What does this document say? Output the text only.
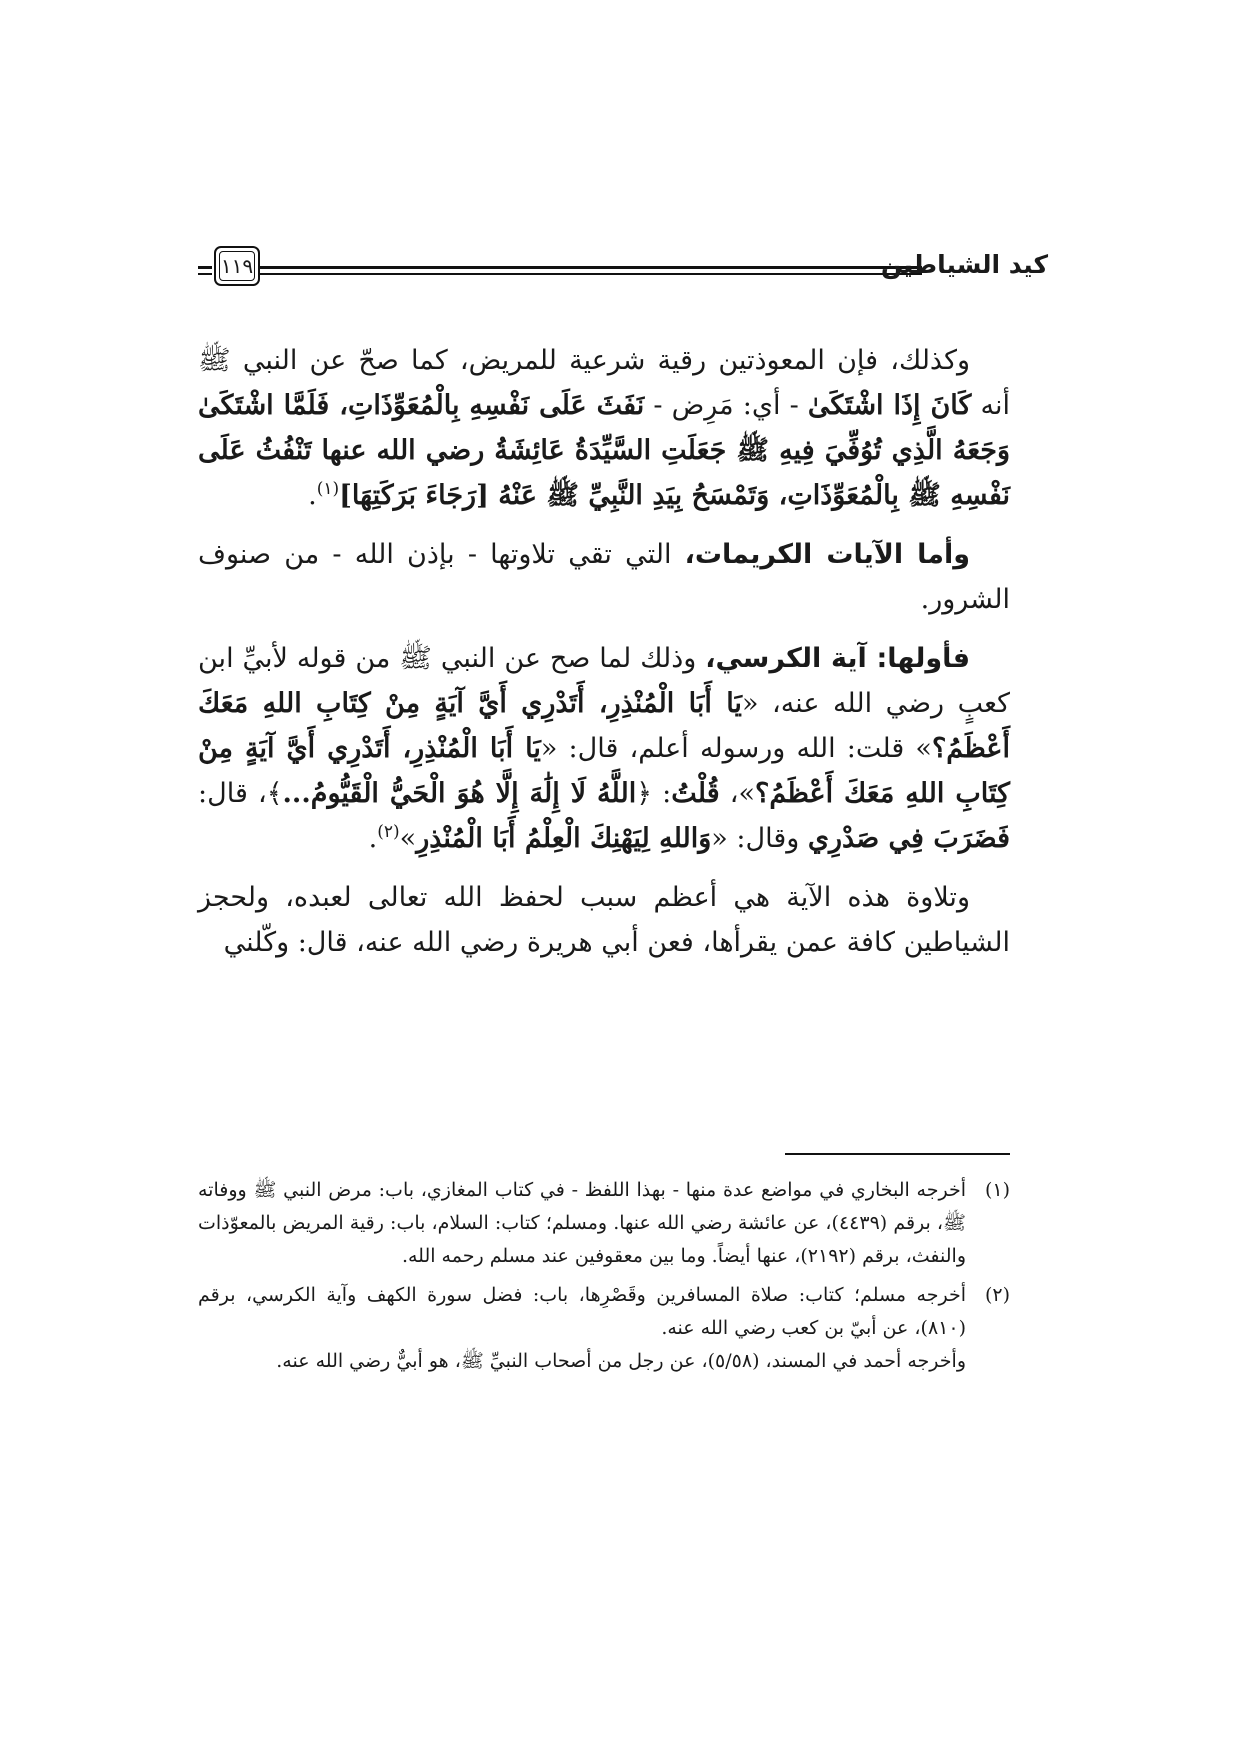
١١٩	كيد الشياطين

وكذلك، فإن المعوذتين رقية شرعية للمريض، كما صحّ عن النبي ﷺ أنه كَانَ إِذَا اشْتَكَىٰ - أي: مَرِض - نَفَثَ عَلَى نَفْسِهِ بِالْمُعَوِّذَاتِ، فَلَمَّا اشْتَكَىٰ وَجَعَهُ الَّذِي تُوُفِّيَ فِيهِ ﷺ جَعَلَتِ السَّيِّدَةُ عَائِشَةُ رضي الله عنها تَنْفُثُ عَلَى نَفْسِهِ ﷺ بِالْمُعَوِّذَاتِ، وَتَمْسَحُ بِيَدِ النَّبِيِّ ﷺ عَنْهُ [رَجَاءَ بَرَكَتِهَا]$^{(١)}$.

وأما الآيات الكريمات، التي تقي تلاوتها - بإذن الله - من صنوف الشرور.

فأولها: آية الكرسي، وذلك لما صح عن النبي ﷺ من قوله لأبيِّ ابن كعبٍ رضي الله عنه، «يَا أَبَا الْمُنْذِرِ، أَتَدْرِي أَيَّ آيَةٍ مِنْ كِتَابِ اللهِ مَعَكَ أَعْظَمُ؟» قلت: الله ورسوله أعلم، قال: «يَا أَبَا الْمُنْذِرِ، أَتَدْرِي أَيَّ آيَةٍ مِنْ كِتَابِ اللهِ مَعَكَ أَعْظَمُ؟»، قُلْتُ: ﴿اللَّهُ لَا إِلَٰهَ إِلَّا هُوَ الْحَيُّ الْقَيُّومُ...﴾، قال: فَضَرَبَ فِي صَدْرِي وقال: «وَاللهِ لِيَهْنِكَ الْعِلْمُ أَبَا الْمُنْذِرِ»$^{(٢)}$.

وتلاوة هذه الآية هي أعظم سبب لحفظ الله تعالى لعبده، ولحجز الشياطين كافة عمن يقرأها، فعن أبي هريرة رضي الله عنه، قال: وكّلني

(١)

أخرجه البخاري في مواضع عدة منها - بهذا اللفظ - في كتاب المغازي، باب: مرض النبي ﷺ ووفاته ﷺ، برقم (٤٤٣٩)، عن عائشة رضي الله عنها. ومسلم؛ كتاب: السلام، باب: رقية المريض بالمعوّذات والنفث، برقم (٢١٩٢)، عنها أيضاً. وما بين معقوفين عند مسلم رحمه الله.

(٢)

أخرجه مسلم؛ كتاب: صلاة المسافرين وقَصْرِها، باب: فضل سورة الكهف وآية الكرسي، برقم (٨١٠)، عن أبيّ بن كعب رضي الله عنه.

وأخرجه أحمد في المسند، (٥/٥٨)، عن رجل من أصحاب النبيِّ ﷺ، هو أبيٌّ رضي الله عنه.
